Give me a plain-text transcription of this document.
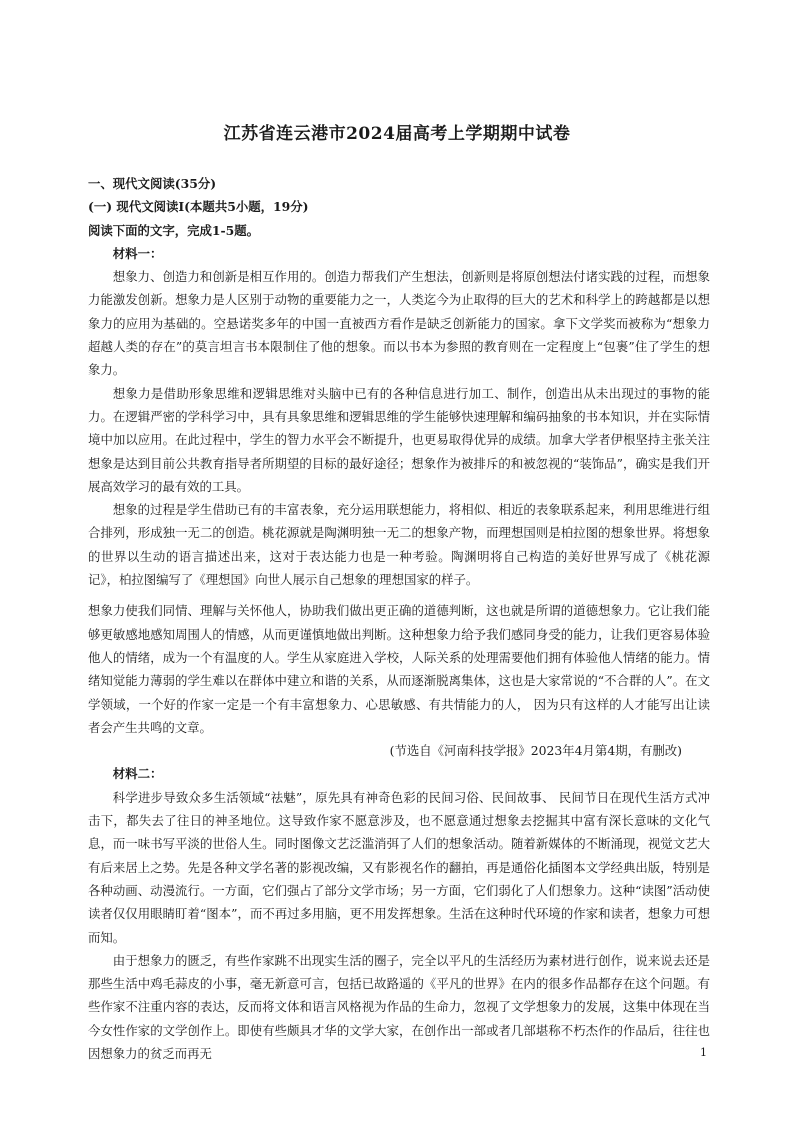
江苏省连云港市2024届高考上学期期中试卷

一、现代文阅读(35分)

(一) 现代文阅读Ⅰ(本题共5小题，19分)

阅读下面的文字，完成1-5题。

材料一：

想象力、创造力和创新是相互作用的。创造力帮我们产生想法，创新则是将原创想法付诸实践的过程，而想象力能激发创新。想象力是人区别于动物的重要能力之一，人类迄今为止取得的巨大的艺术和科学上的跨越都是以想象力的应用为基础的。空悬诺奖多年的中国一直被西方看作是缺乏创新能力的国家。拿下文学奖而被称为“想象力超越人类的存在”的莫言坦言书本限制住了他的想象。而以书本为参照的教育则在一定程度上“包裹”住了学生的想象力。

想象力是借助形象思维和逻辑思维对头脑中已有的各种信息进行加工、制作，创造出从未出现过的事物的能力。在逻辑严密的学科学习中，具有具象思维和逻辑思维的学生能够快速理解和编码抽象的书本知识，并在实际情境中加以应用。在此过程中，学生的智力水平会不断提升，也更易取得优异的成绩。加拿大学者伊根坚持主张关注想象是达到目前公共教育指导者所期望的目标的最好途径；想象作为被排斥的和被忽视的“装饰品”，确实是我们开展高效学习的最有效的工具。

想象的过程是学生借助已有的丰富表象，充分运用联想能力，将相似、相近的表象联系起来，利用思维进行组合排列，形成独一无二的创造。桃花源就是陶渊明独一无二的想象产物，而理想国则是柏拉图的想象世界。将想象的世界以生动的语言描述出来，这对于表达能力也是一种考验。陶渊明将自己构造的美好世界写成了《桃花源记》，柏拉图编写了《理想国》向世人展示自己想象的理想国家的样子。

想象力使我们同情、理解与关怀他人，协助我们做出更正确的道德判断，这也就是所谓的道德想象力。它让我们能够更敏感地感知周围人的情感，从而更谨慎地做出判断。这种想象力给予我们感同身受的能力，让我们更容易体验他人的情绪，成为一个有温度的人。学生从家庭进入学校，人际关系的处理需要他们拥有体验他人情绪的能力。情绪知觉能力薄弱的学生难以在群体中建立和谐的关系，从而逐渐脱离集体，这也是大家常说的“不合群的人”。在文学领域，一个好的作家一定是一个有丰富想象力、心思敏感、有共情能力的人， 因为只有这样的人才能写出让读者会产生共鸣的文章。

(节选自《河南科技学报》2023年4月第4期，有删改)

材料二：

科学进步导致众多生活领域“祛魅”，原先具有神奇色彩的民间习俗、民间故事、 民间节日在现代生活方式冲击下，都失去了往日的神圣地位。这导致作家不愿意涉及，也不愿意通过想象去挖掘其中富有深长意味的文化气息，而一味书写平淡的世俗人生。同时图像文艺泛滥消弭了人们的想象活动。随着新媒体的不断涌现，视觉文艺大有后来居上之势。先是各种文学名著的影视改编，又有影视名作的翻拍，再是通俗化插图本文学经典出版，特别是各种动画、动漫流行。一方面，它们强占了部分文学市场；另一方面，它们弱化了人们想象力。这种“读图”活动使读者仅仅用眼睛盯着“图本”，而不再过多用脑，更不用发挥想象。生活在这种时代环境的作家和读者，想象力可想而知。

由于想象力的匮乏，有些作家跳不出现实生活的圈子，完全以平凡的生活经历为素材进行创作，说来说去还是那些生活中鸡毛蒜皮的小事，毫无新意可言，包括已故路遥的《平凡的世界》在内的很多作品都存在这个问题。有些作家不注重内容的表达，反而将文体和语言风格视为作品的生命力，忽视了文学想象力的发展，这集中体现在当今女性作家的文学创作上。即使有些颇具才华的文学大家，在创作出一部或者几部堪称不朽杰作的作品后，往往也因想象力的贫乏而再无	1
